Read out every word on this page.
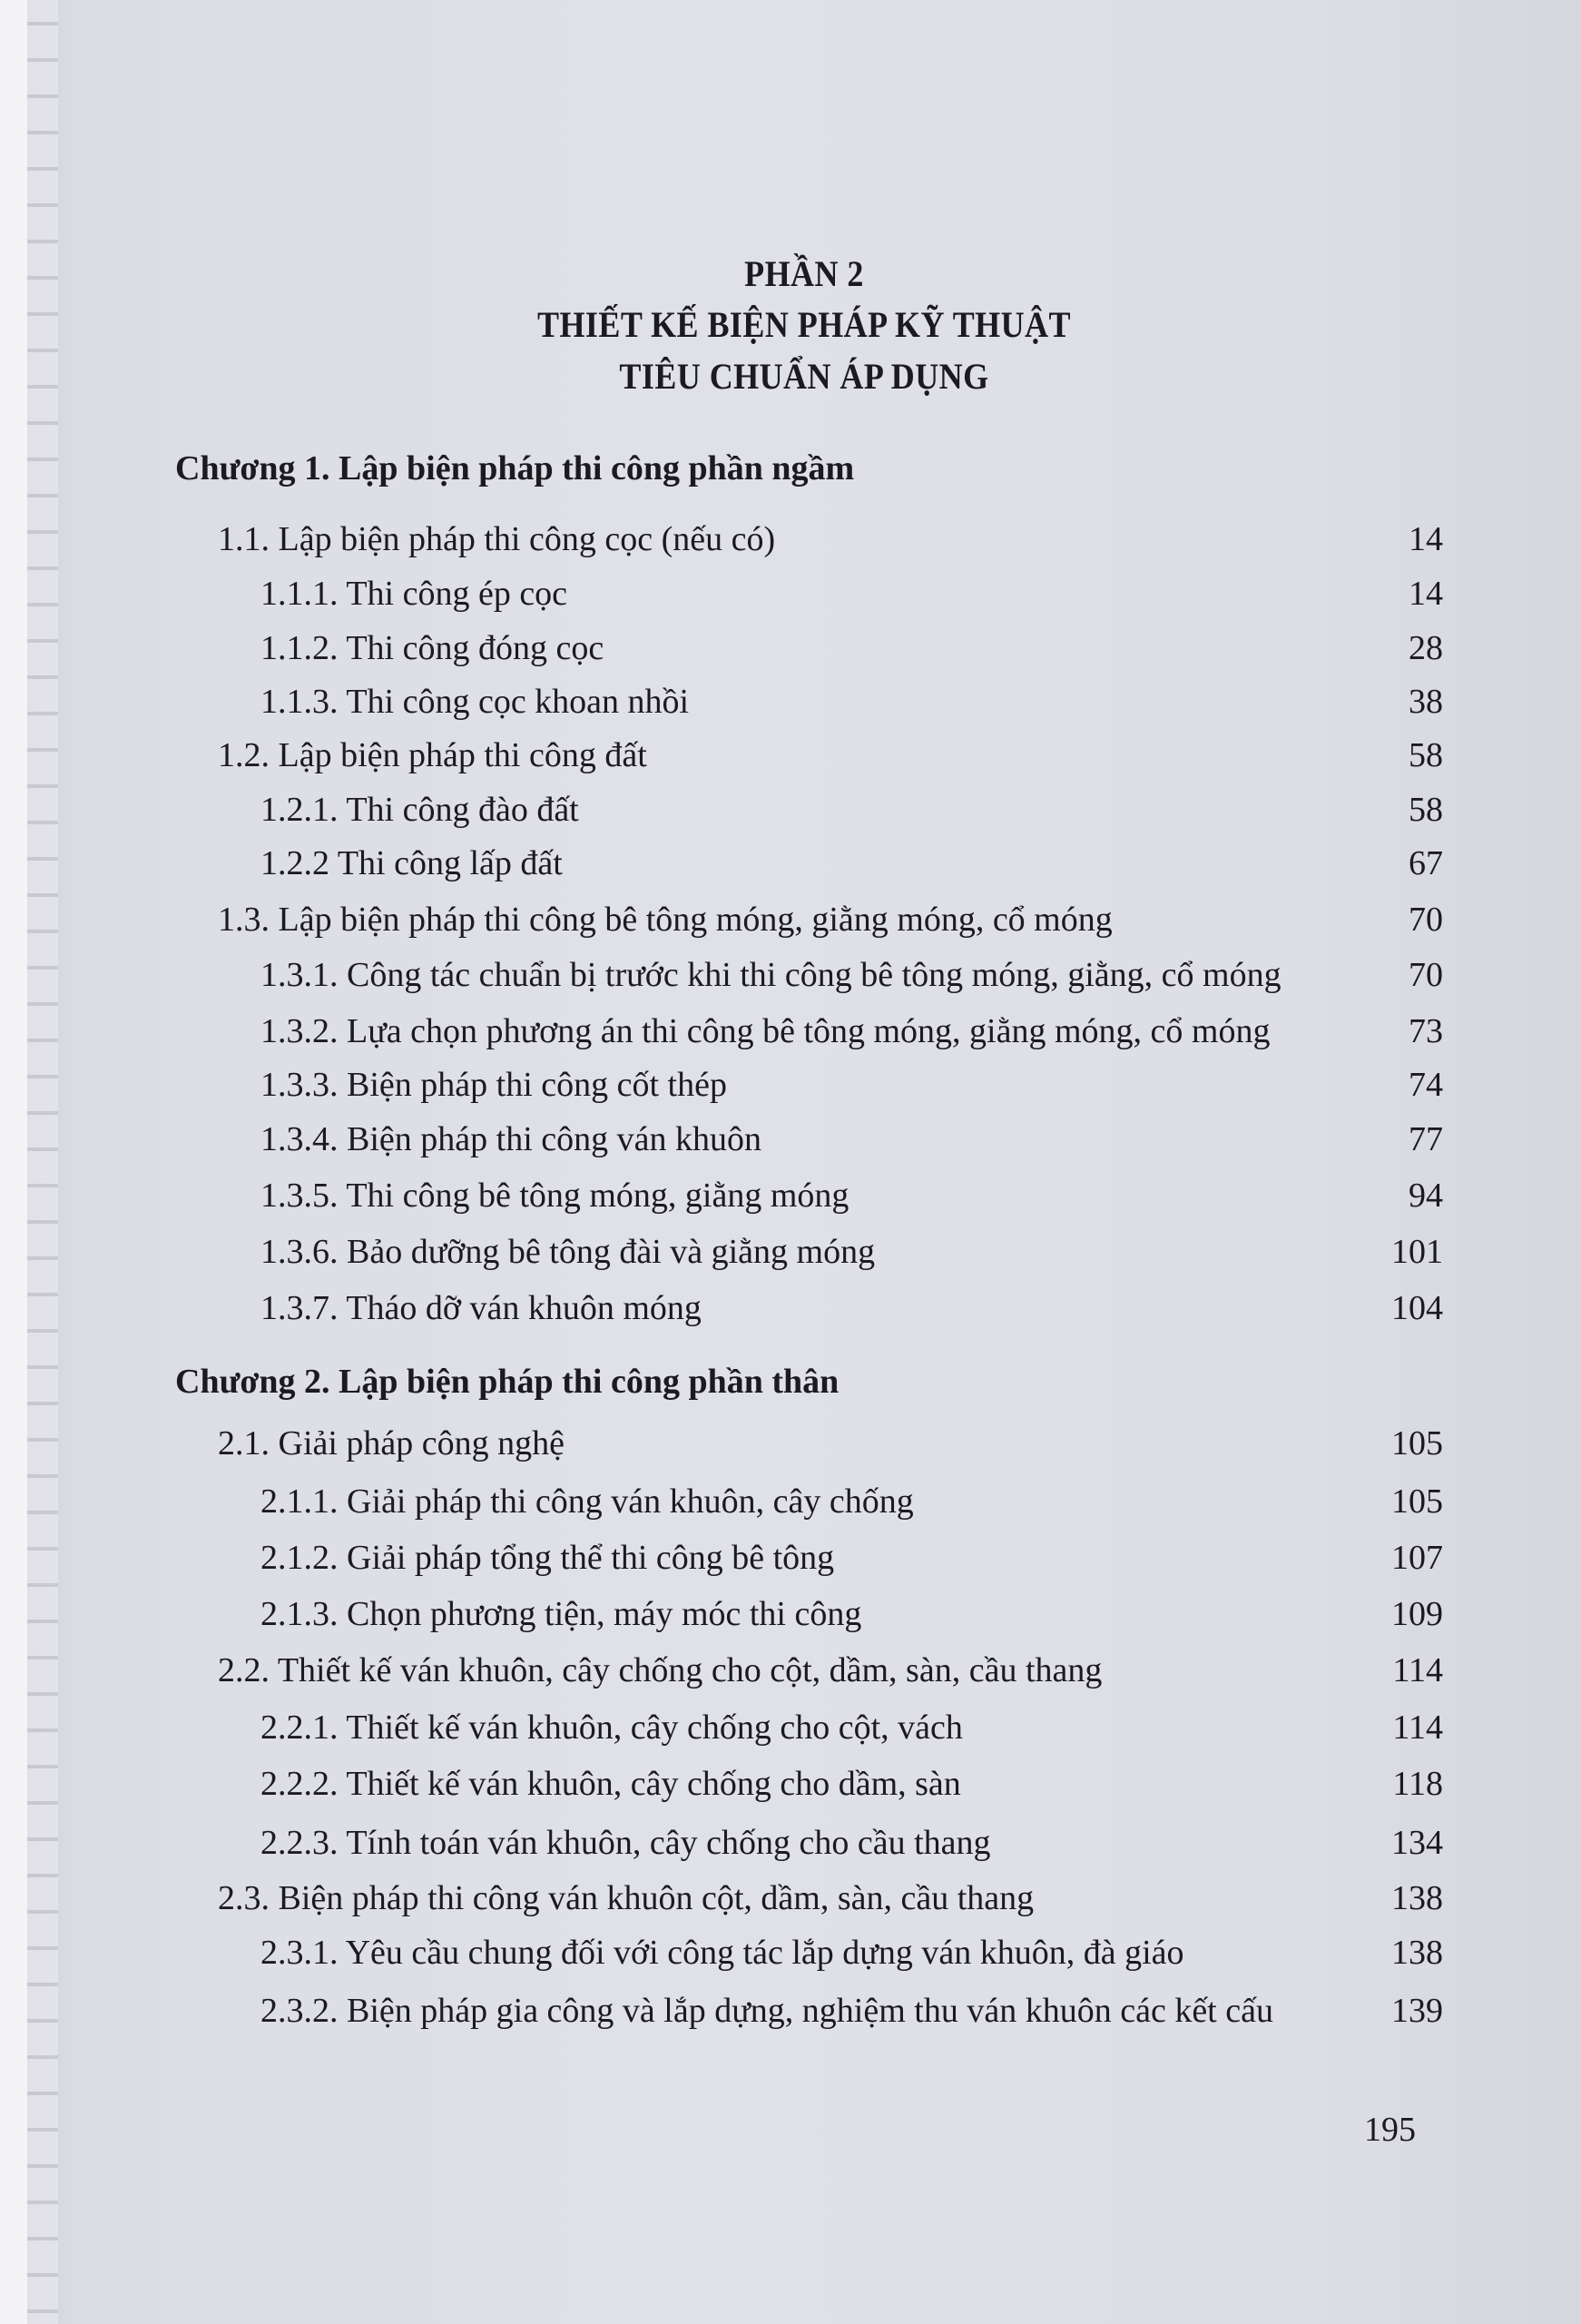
PHẦN 2
THIẾT KẾ BIỆN PHÁP KỸ THUẬT
TIÊU CHUẨN ÁP DỤNG
Chương 1. Lập biện pháp thi công phần ngầm
1.1. Lập biện pháp thi công cọc (nếu có)	14
1.1.1. Thi công ép cọc	14
1.1.2. Thi công đóng cọc	28
1.1.3. Thi công cọc khoan nhồi	38
1.2. Lập biện pháp thi công đất	58
1.2.1. Thi công đào đất	58
1.2.2 Thi công lấp đất	67
1.3. Lập biện pháp thi công bê tông móng, giằng móng, cổ móng	70
1.3.1. Công tác chuẩn bị trước khi thi công bê tông móng, giằng, cổ móng	70
1.3.2. Lựa chọn phương án thi công bê tông móng, giằng móng, cổ móng	73
1.3.3. Biện pháp thi công cốt thép	74
1.3.4. Biện pháp thi công ván khuôn	77
1.3.5. Thi công bê tông móng, giằng móng	94
1.3.6. Bảo dưỡng bê tông đài và giằng móng	101
1.3.7. Tháo dỡ ván khuôn móng	104
Chương 2. Lập biện pháp thi công phần thân
2.1. Giải pháp công nghệ	105
2.1.1. Giải pháp thi công ván khuôn, cây chống	105
2.1.2. Giải pháp tổng thể thi công bê tông	107
2.1.3. Chọn phương tiện, máy móc thi công	109
2.2. Thiết kế ván khuôn, cây chống cho cột, dầm, sàn, cầu thang	114
2.2.1. Thiết kế ván khuôn, cây chống cho cột, vách	114
2.2.2. Thiết kế ván khuôn, cây chống cho dầm, sàn	118
2.2.3. Tính toán ván khuôn, cây chống cho cầu thang	134
2.3. Biện pháp thi công ván khuôn cột, dầm, sàn, cầu thang	138
2.3.1. Yêu cầu chung đối với công tác lắp dựng ván khuôn, đà giáo	138
2.3.2. Biện pháp gia công và lắp dựng, nghiệm thu ván khuôn các kết cấu	139
195
